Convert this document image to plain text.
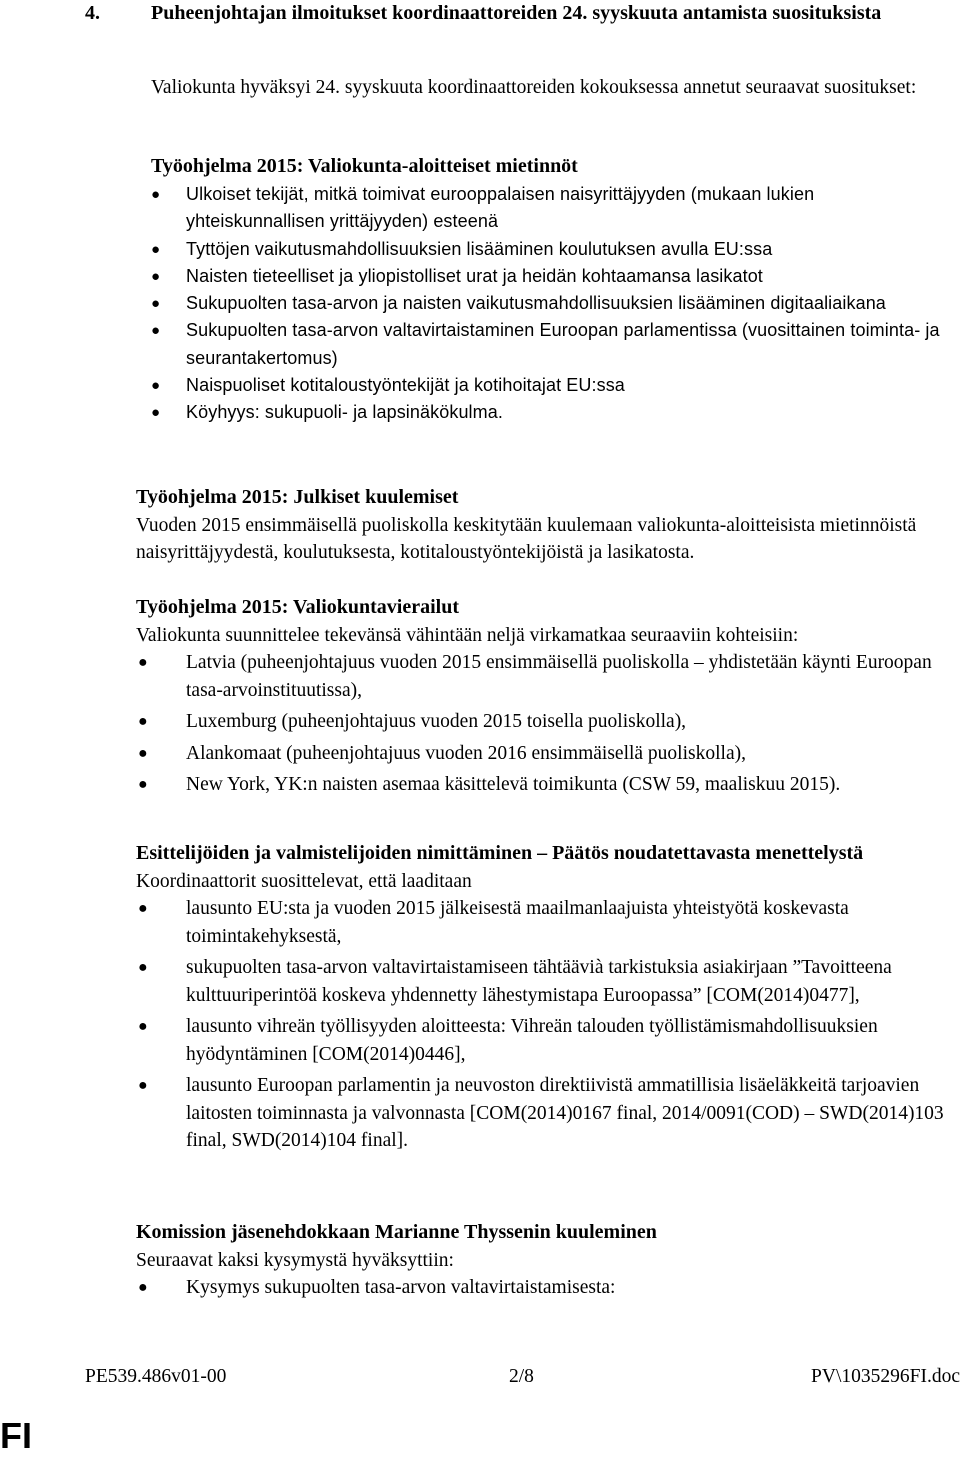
4.	Puheenjohtajan ilmoitukset koordinaattoreiden 24. syyskuuta antamista suosituksista
Valiokunta hyväksyi 24. syyskuuta koordinaattoreiden kokouksessa annetut seuraavat suositukset:
Työohjelma 2015: Valiokunta-aloitteiset mietinnöt
●	Ulkoiset tekijät, mitkä toimivat eurooppalaisen naisyrittäjyyden (mukaan lukien yhteiskunnallisen yrittäjyyden) esteenä
●	Tyttöjen vaikutusmahdollisuuksien lisääminen koulutuksen avulla EU:ssa
●	Naisten tieteelliset ja yliopistolliset urat ja heidän kohtaamansa lasikatot
●	Sukupuolten tasa-arvon ja naisten vaikutusmahdollisuuksien lisääminen digitaaliaikana
●	Sukupuolten tasa-arvon valtavirtaistaminen Euroopan parlamentissa (vuosittainen toiminta- ja seurantakertomus)
●	Naispuoliset kotitaloustyöntekijät ja kotihoitajat EU:ssa
●	Köyhyys: sukupuoli- ja lapsinäkökulma.
Työohjelma 2015: Julkiset kuulemiset
Vuoden 2015 ensimmäisellä puoliskolla keskitytään kuulemaan valiokunta-aloitteisista mietinnöistä naisyrittäjyydestä, koulutuksesta, kotitaloustyöntekijöistä ja lasikatosta.
Työohjelma 2015: Valiokuntavierailut
Valiokunta suunnittelee tekevänsä vähintään neljä virkamatkaa seuraaviin kohteisiin:
●	Latvia (puheenjohtajuus vuoden 2015 ensimmäisellä puoliskolla – yhdistetään käynti Euroopan tasa-arvoinstituutissa),
●	Luxemburg (puheenjohtajuus vuoden 2015 toisella puoliskolla),
●	Alankomaat (puheenjohtajuus vuoden 2016 ensimmäisellä puoliskolla),
●	New York, YK:n naisten asemaa käsittelevä toimikunta (CSW 59, maaliskuu 2015).
Esittelijöiden ja valmistelijoiden nimittäminen – Päätös noudatettavasta menettelystä
Koordinaattorit suosittelevat, että laaditaan
●	lausunto EU:sta ja vuoden 2015 jälkeisestä maailmanlaajuista yhteistyötä koskevasta toimintakehyksestä,
●	sukupuolten tasa-arvon valtavirtaistamiseen tähtäävià tarkistuksia asiakirjaan ”Tavoitteena kulttuuriperintöä koskeva yhdennetty lähestymistapa Euroopassa” [COM(2014)0477],
●	lausunto vihreän työllisyyden aloitteesta: Vihreän talouden työllistämismahdollisuuksien hyödyntäminen [COM(2014)0446],
●	lausunto Euroopan parlamentin ja neuvoston direktiivistä ammatillisia lisäeläkkeitä tarjoavien laitosten toiminnasta ja valvonnasta [COM(2014)0167 final, 2014/0091(COD) – SWD(2014)103 final, SWD(2014)104 final].
Komission jäsenehdokkaan Marianne Thyssenin kuuleminen
Seuraavat kaksi kysymystä hyväksyttiin:
●	Kysymys sukupuolten tasa-arvon valtavirtaistamisesta:
PE539.486v01-00	2/8	PV\1035296FI.doc
FI
